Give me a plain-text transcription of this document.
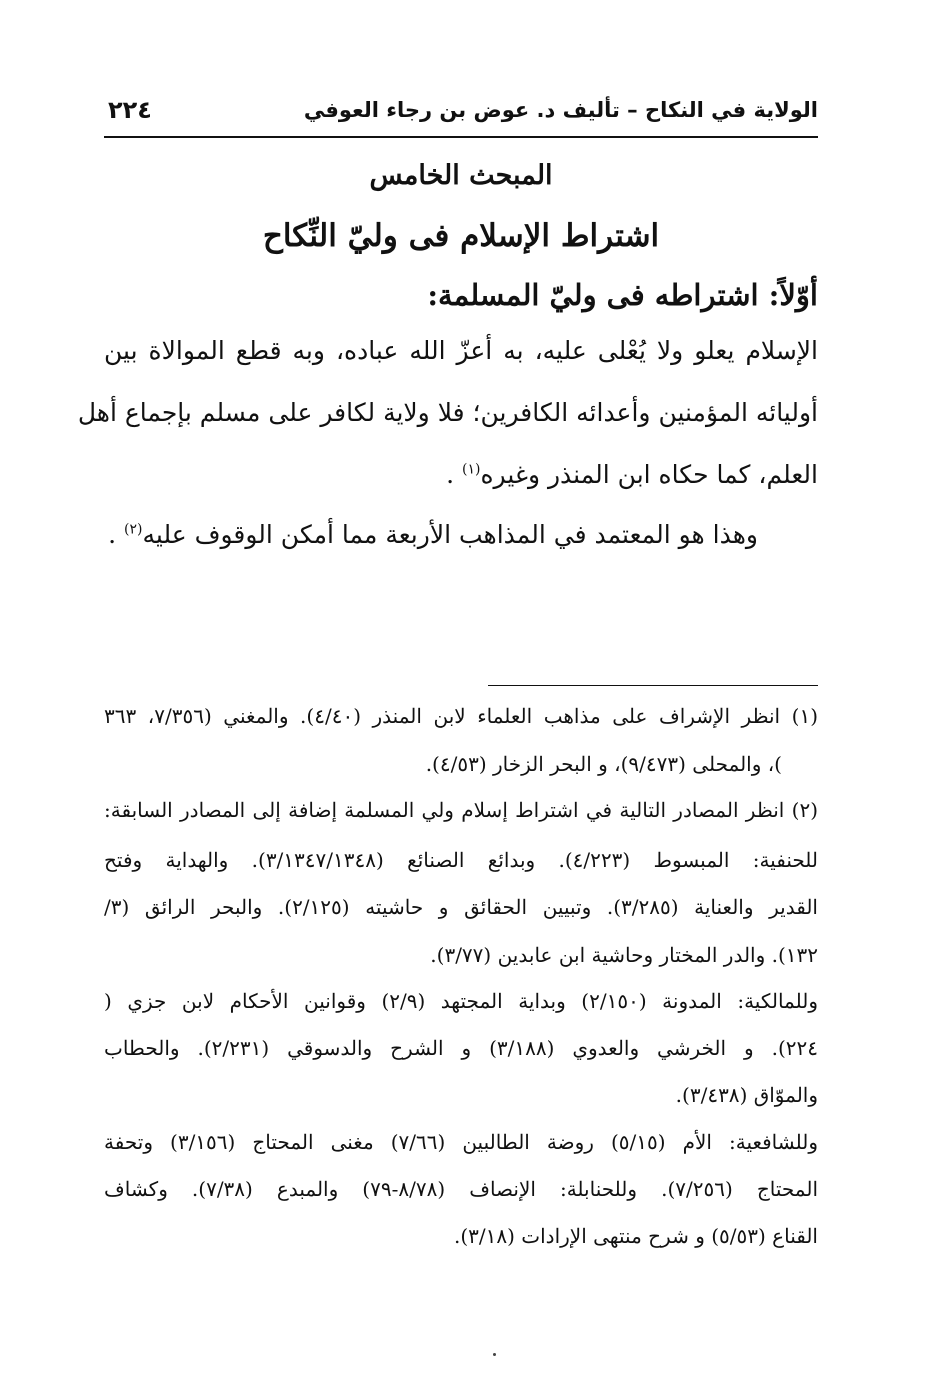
الولاية في النكاح – تأليف د. عوض بن رجاء العوفي
٢٢٤
المبحث الخامس
اشتراط الإسلام فى وليّ النِّكاح
أوّلاً: اشتراطه فى وليّ المسلمة:
الإسلام يعلو ولا يُعْلى عليه، به أعزّ الله عباده، وبه قطع الموالاة بين
أوليائه المؤمنين وأعدائه الكافرين؛ فلا ولاية لكافر على مسلم بإجماع أهل
العلم، كما حكاه ابن المنذر وغيره$^{(١)}$ .
وهذا هو المعتمد في المذاهب الأربعة مما أمكن الوقوف عليه$^{(٢)}$ .
(١) انظر الإشراف على مذاهب العلماء لابن المنذر (٤/٤٠). والمغني (٧/٣٥٦، ٣٦٣
)، والمحلى (٩/٤٧٣)، و البحر الزخار (٤/٥٣).
(٢) انظر المصادر التالية في اشتراط إسلام ولي المسلمة إضافة إلى المصادر السابقة:
للحنفية: المبسوط (٤/٢٢٣). وبدائع الصنائع (٣/١٣٤٧/١٣٤٨). والهداية وفتح
القدير والعناية (٣/٢٨٥). وتبيين الحقائق و حاشيته (٢/١٢٥). والبحر الرائق (٣/
١٣٢). والدر المختار وحاشية ابن عابدين (٣/٧٧).
وللمالكية: المدونة (٢/١٥٠) وبداية المجتهد (٢/٩) وقوانين الأحكام لابن جزي (
٢٢٤). و الخرشي والعدوي (٣/١٨٨) و الشرح والدسوقي (٢/٢٣١). والحطاب
والموّاق (٣/٤٣٨).
وللشافعية: الأم (٥/١٥) روضة الطالبين (٧/٦٦) مغنى المحتاج (٣/١٥٦) وتحفة
المحتاج (٧/٢٥٦). وللحنابلة: الإنصاف (٨/٧٨-٧٩) والمبدع (٧/٣٨). وكشاف
القناع (٥/٥٣) و شرح منتهى الإرادات (٣/١٨).
